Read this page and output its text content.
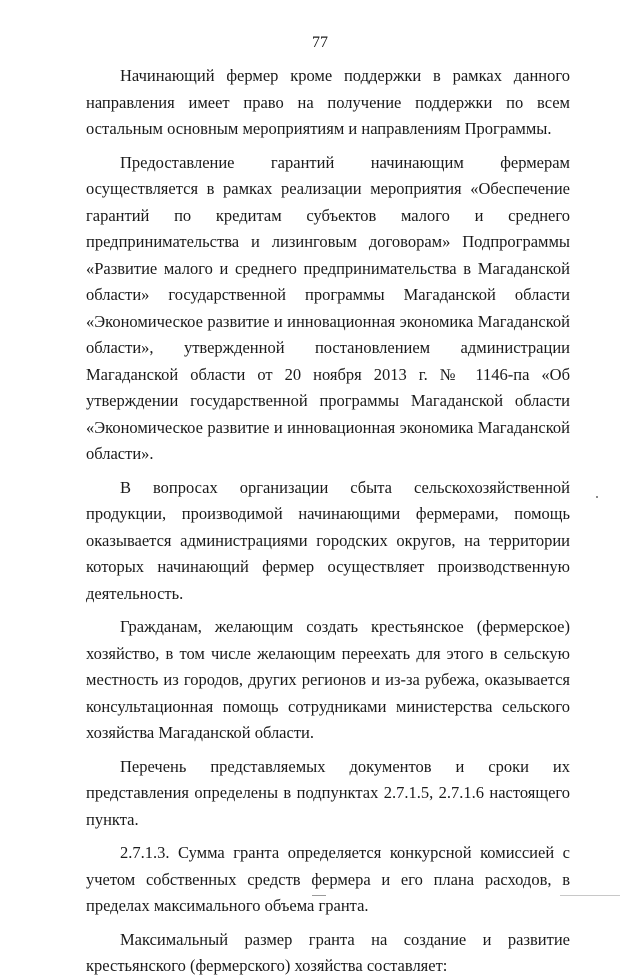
77

Начинающий фермер кроме поддержки в рамках данного направления имеет право на получение поддержки по всем остальным основным мероприятиям и направлениям Программы.

Предоставление гарантий начинающим фермерам осуществляется в рамках реализации мероприятия «Обеспечение гарантий по кредитам субъектов малого и среднего предпринимательства и лизинговым договорам» Подпрограммы «Развитие малого и среднего предпринимательства в Магаданской области» государственной программы Магаданской области «Экономическое развитие и инновационная экономика Магаданской области», утвержденной постановлением администрации Магаданской области от 20 ноября 2013 г. № 1146-па «Об утверждении государственной программы Магаданской области «Экономическое развитие и инновационная экономика Магаданской области».

В вопросах организации сбыта сельскохозяйственной продукции, производимой начинающими фермерами, помощь оказывается администрациями городских округов, на территории которых начинающий фермер осуществляет производственную деятельность.

Гражданам, желающим создать крестьянское (фермерское) хозяйство, в том числе желающим переехать для этого в сельскую местность из городов, других регионов и из-за рубежа, оказывается консультационная помощь сотрудниками министерства сельского хозяйства Магаданской области.

Перечень представляемых документов и сроки их представления определены в подпунктах 2.7.1.5, 2.7.1.6 настоящего пункта.

2.7.1.3. Сумма гранта определяется конкурсной комиссией с учетом собственных средств фермера и его плана расходов, в пределах максимального объема гранта.

Максимальный размер гранта на создание и развитие крестьянского (фермерского) хозяйства составляет:
